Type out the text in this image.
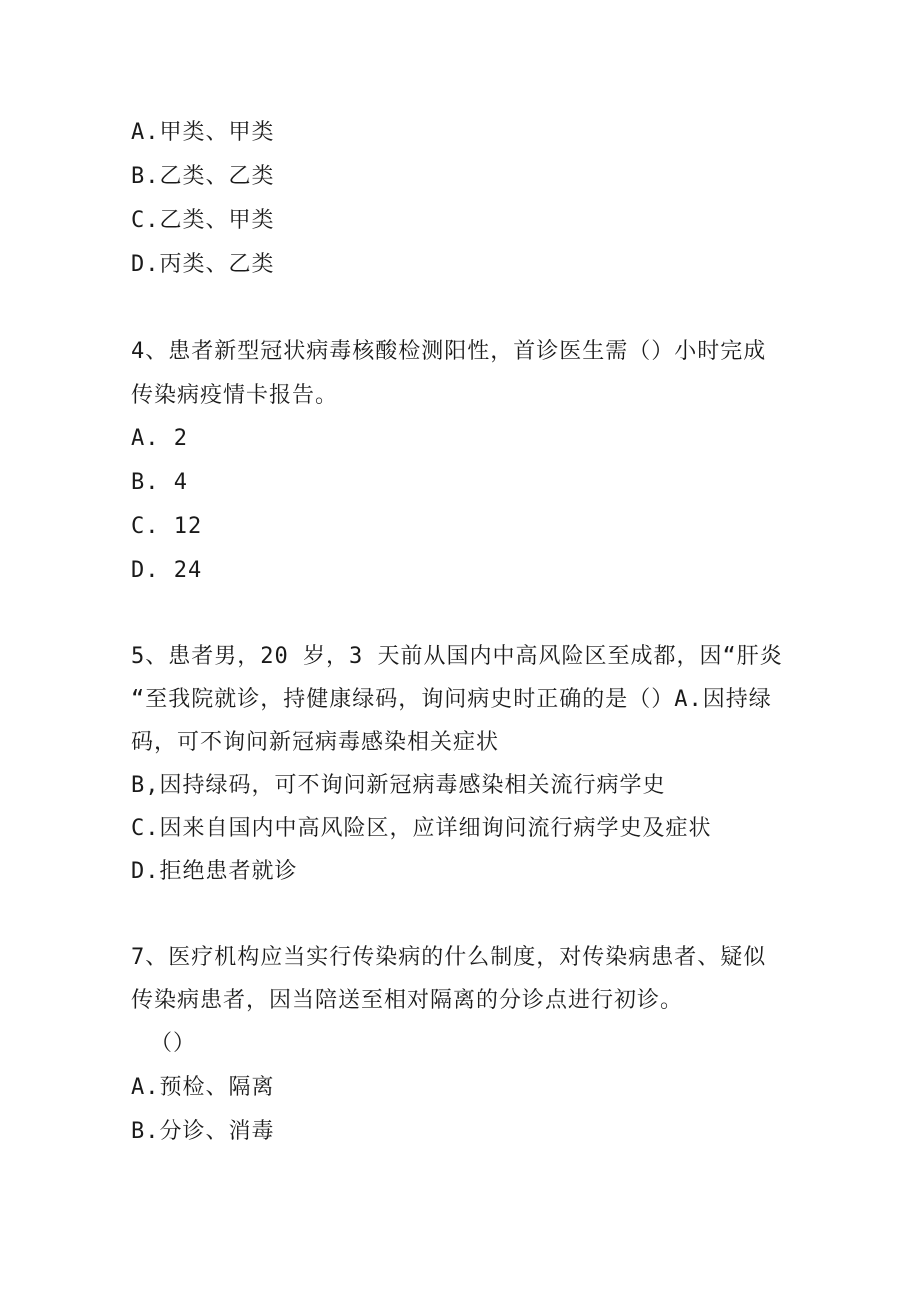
A.甲类、甲类
B.乙类、乙类
C.乙类、甲类
D.丙类、乙类
4、患者新型冠状病毒核酸检测阳性，首诊医生需（）小时完成
传染病疫情卡报告。
A. 2
B. 4
C. 12
D. 24
5、患者男，20 岁，3 天前从国内中高风险区至成都，因“肝炎
“至我院就诊，持健康绿码，询问病史时正确的是（）A.因持绿
码，可不询问新冠病毒感染相关症状
B,因持绿码，可不询问新冠病毒感染相关流行病学史
C.因来自国内中高风险区，应详细询问流行病学史及症状
D.拒绝患者就诊
7、医疗机构应当实行传染病的什么制度，对传染病患者、疑似
传染病患者，因当陪送至相对隔离的分诊点进行初诊。
（）
A.预检、隔离
B.分诊、消毒
